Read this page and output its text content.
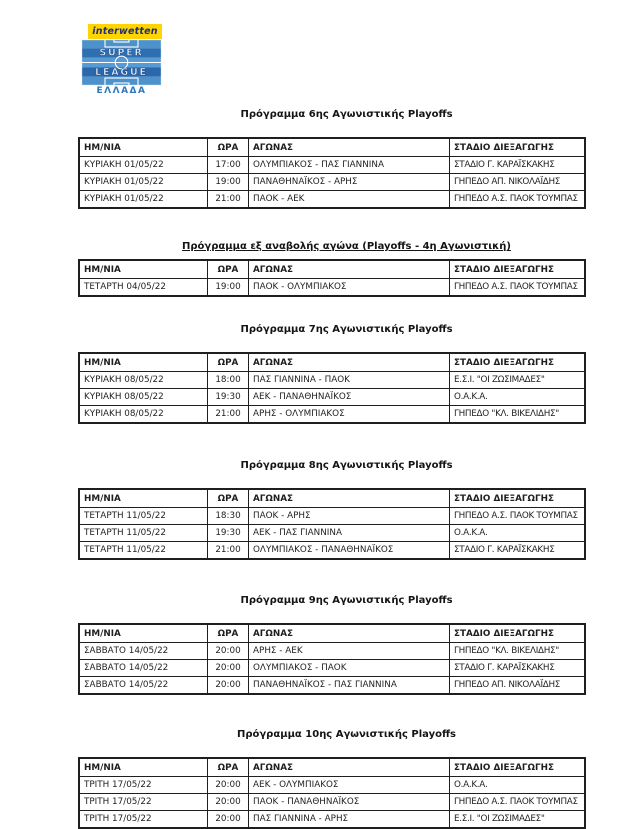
interwetten
SUPER
LEAGUE
ΕΛΛΑΔΑ
Πρόγραμμα 6ης Αγωνιστικής Playoffs
ΗΜ/ΝΙΑ	ΩΡΑ	ΑΓΩΝΑΣ	ΣΤΑΔΙΟ ΔΙΕΞΑΓΩΓΗΣ
ΚΥΡΙΑΚΗ 01/05/22	17:00	ΟΛΥΜΠΙΑΚΟΣ - ΠΑΣ ΓΙΑΝΝΙΝΑ	ΣΤΑΔΙΟ Γ. ΚΑΡΑΪΣΚΑΚΗΣ
ΚΥΡΙΑΚΗ 01/05/22	19:00	ΠΑΝΑΘΗΝΑΪΚΟΣ - ΑΡΗΣ	ΓΗΠΕΔΟ ΑΠ. ΝΙΚΟΛΑΪΔΗΣ
ΚΥΡΙΑΚΗ 01/05/22	21:00	ΠΑΟΚ - ΑΕΚ	ΓΗΠΕΔΟ Α.Σ. ΠΑΟΚ ΤΟΥΜΠΑΣ
Πρόγραμμα εξ αναβολής αγώνα (Playoffs - 4η Αγωνιστική)
ΗΜ/ΝΙΑ	ΩΡΑ	ΑΓΩΝΑΣ	ΣΤΑΔΙΟ ΔΙΕΞΑΓΩΓΗΣ
ΤΕΤΑΡΤΗ 04/05/22	19:00	ΠΑΟΚ - ΟΛΥΜΠΙΑΚΟΣ	ΓΗΠΕΔΟ Α.Σ. ΠΑΟΚ ΤΟΥΜΠΑΣ
Πρόγραμμα 7ης Αγωνιστικής Playoffs
ΗΜ/ΝΙΑ	ΩΡΑ	ΑΓΩΝΑΣ	ΣΤΑΔΙΟ ΔΙΕΞΑΓΩΓΗΣ
ΚΥΡΙΑΚΗ 08/05/22	18:00	ΠΑΣ ΓΙΑΝΝΙΝΑ - ΠΑΟΚ	Ε.Σ.Ι. "ΟΙ ΖΩΣΙΜΑΔΕΣ"
ΚΥΡΙΑΚΗ 08/05/22	19:30	ΑΕΚ - ΠΑΝΑΘΗΝΑΪΚΟΣ	Ο.Α.Κ.Α.
ΚΥΡΙΑΚΗ 08/05/22	21:00	ΑΡΗΣ - ΟΛΥΜΠΙΑΚΟΣ	ΓΗΠΕΔΟ "ΚΛ. ΒΙΚΕΛΙΔΗΣ"
Πρόγραμμα 8ης Αγωνιστικής Playoffs
ΗΜ/ΝΙΑ	ΩΡΑ	ΑΓΩΝΑΣ	ΣΤΑΔΙΟ ΔΙΕΞΑΓΩΓΗΣ
ΤΕΤΑΡΤΗ 11/05/22	18:30	ΠΑΟΚ - ΑΡΗΣ	ΓΗΠΕΔΟ Α.Σ. ΠΑΟΚ ΤΟΥΜΠΑΣ
ΤΕΤΑΡΤΗ 11/05/22	19:30	ΑΕΚ - ΠΑΣ ΓΙΑΝΝΙΝΑ	Ο.Α.Κ.Α.
ΤΕΤΑΡΤΗ 11/05/22	21:00	ΟΛΥΜΠΙΑΚΟΣ - ΠΑΝΑΘΗΝΑΪΚΟΣ	ΣΤΑΔΙΟ Γ. ΚΑΡΑΪΣΚΑΚΗΣ
Πρόγραμμα 9ης Αγωνιστικής Playoffs
ΗΜ/ΝΙΑ	ΩΡΑ	ΑΓΩΝΑΣ	ΣΤΑΔΙΟ ΔΙΕΞΑΓΩΓΗΣ
ΣΑΒΒΑΤΟ 14/05/22	20:00	ΑΡΗΣ - ΑΕΚ	ΓΗΠΕΔΟ "ΚΛ. ΒΙΚΕΛΙΔΗΣ"
ΣΑΒΒΑΤΟ 14/05/22	20:00	ΟΛΥΜΠΙΑΚΟΣ - ΠΑΟΚ	ΣΤΑΔΙΟ Γ. ΚΑΡΑΪΣΚΑΚΗΣ
ΣΑΒΒΑΤΟ 14/05/22	20:00	ΠΑΝΑΘΗΝΑΪΚΟΣ - ΠΑΣ ΓΙΑΝΝΙΝΑ	ΓΗΠΕΔΟ ΑΠ. ΝΙΚΟΛΑΪΔΗΣ
Πρόγραμμα 10ης Αγωνιστικής Playoffs
ΗΜ/ΝΙΑ	ΩΡΑ	ΑΓΩΝΑΣ	ΣΤΑΔΙΟ ΔΙΕΞΑΓΩΓΗΣ
ΤΡΙΤΗ 17/05/22	20:00	ΑΕΚ - ΟΛΥΜΠΙΑΚΟΣ	Ο.Α.Κ.Α.
ΤΡΙΤΗ 17/05/22	20:00	ΠΑΟΚ - ΠΑΝΑΘΗΝΑΪΚΟΣ	ΓΗΠΕΔΟ Α.Σ. ΠΑΟΚ ΤΟΥΜΠΑΣ
ΤΡΙΤΗ 17/05/22	20:00	ΠΑΣ ΓΙΑΝΝΙΝΑ - ΑΡΗΣ	Ε.Σ.Ι. "ΟΙ ΖΩΣΙΜΑΔΕΣ"
